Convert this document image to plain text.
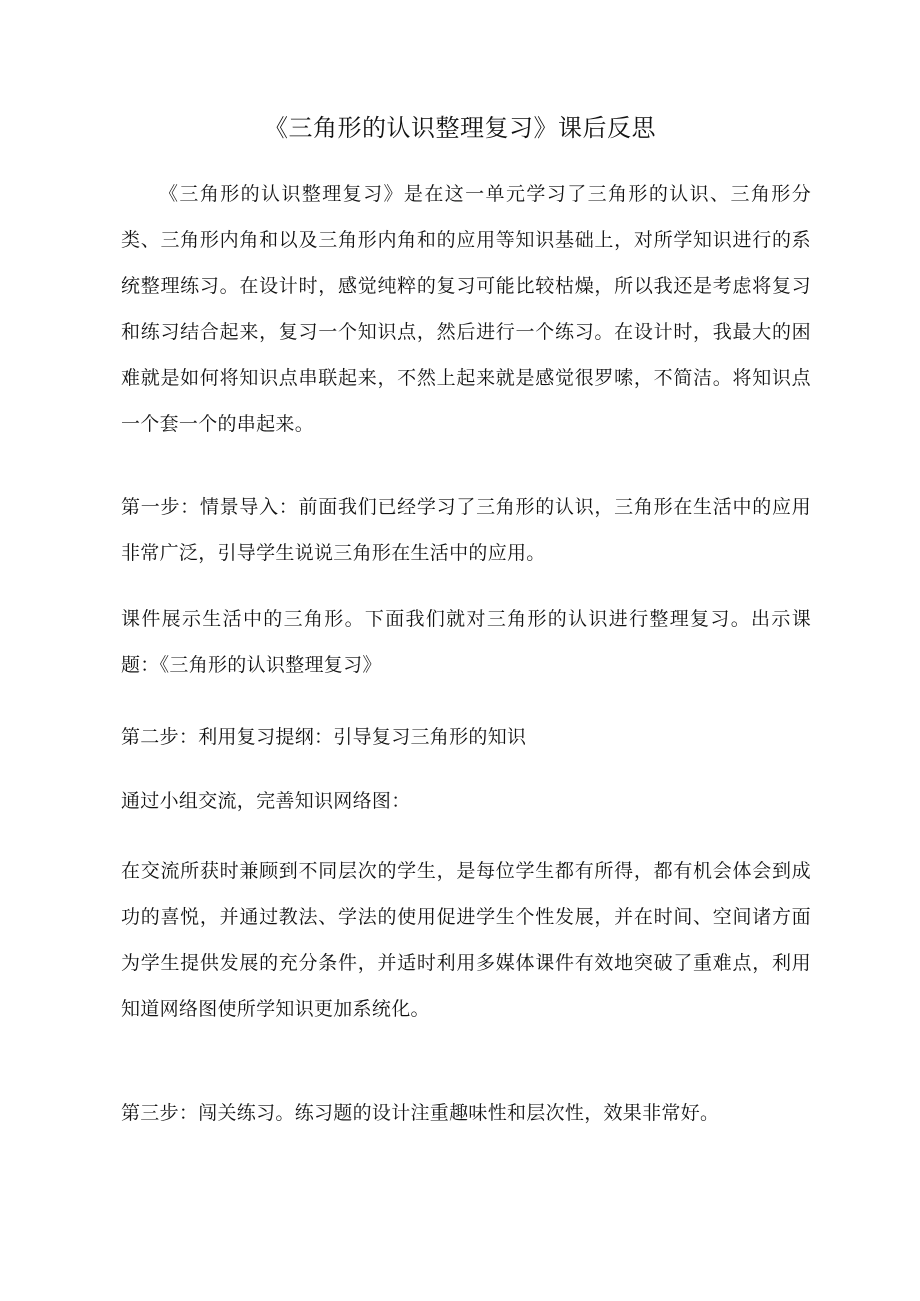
《三角形的认识整理复习》课后反思
《三角形的认识整理复习》是在这一单元学习了三角形的认识、三角形分类、三角形内角和以及三角形内角和的应用等知识基础上，对所学知识进行的系统整理练习。在设计时，感觉纯粹的复习可能比较枯燥，所以我还是考虑将复习和练习结合起来，复习一个知识点，然后进行一个练习。在设计时，我最大的困难就是如何将知识点串联起来，不然上起来就是感觉很罗嗦，不简洁。将知识点一个套一个的串起来。
第一步：情景导入：前面我们已经学习了三角形的认识，三角形在生活中的应用非常广泛，引导学生说说三角形在生活中的应用。
课件展示生活中的三角形。下面我们就对三角形的认识进行整理复习。出示课题：《三角形的认识整理复习》
第二步：利用复习提纲：引导复习三角形的知识
通过小组交流，完善知识网络图：
在交流所获时兼顾到不同层次的学生，是每位学生都有所得，都有机会体会到成功的喜悦，并通过教法、学法的使用促进学生个性发展，并在时间、空间诸方面为学生提供发展的充分条件，并适时利用多媒体课件有效地突破了重难点，利用知道网络图使所学知识更加系统化。
第三步：闯关练习。练习题的设计注重趣味性和层次性，效果非常好。
